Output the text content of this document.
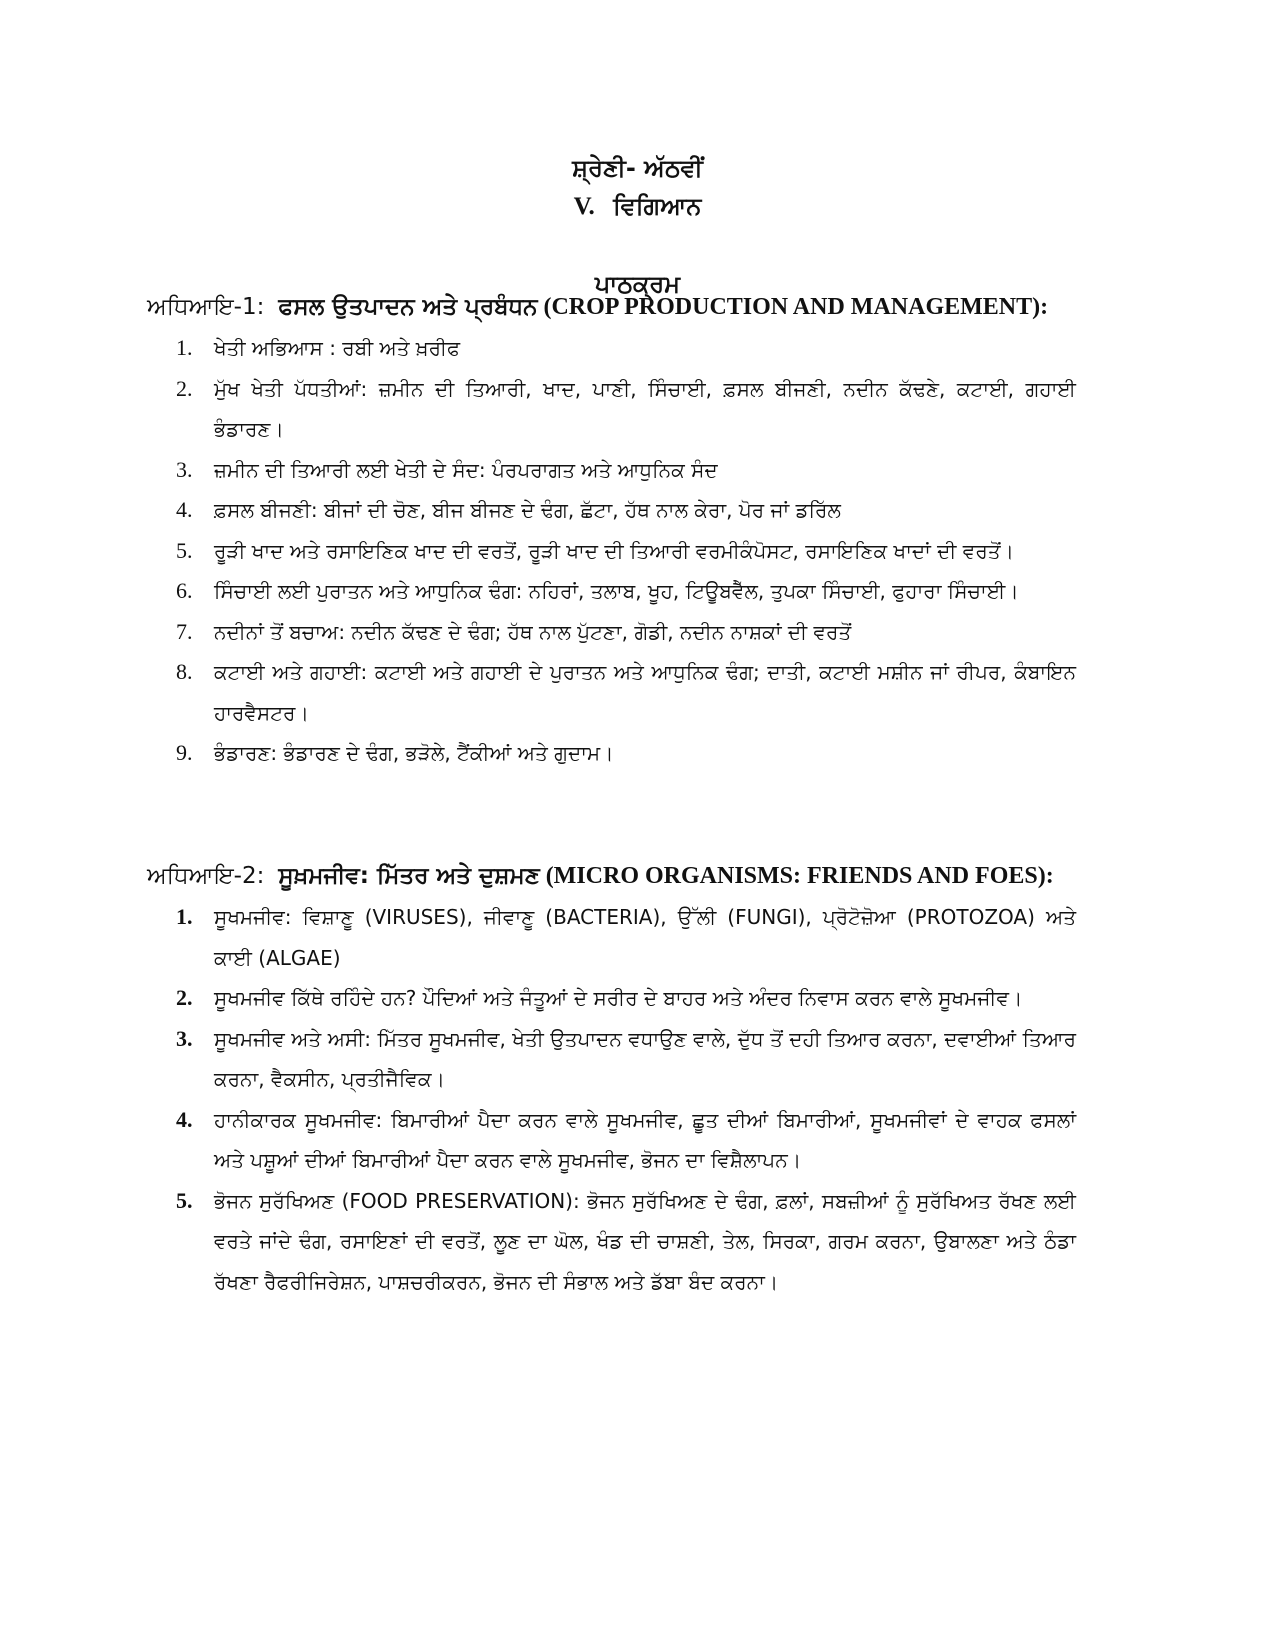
ਸ਼੍ਰੇਣੀ- ਅੱਠਵੀਂ
V. ਵਿਗਿਆਨ
ਪਾਠਕ੍ਰਮ
ਅਧਿਆਇ-1: ਫਸਲ ਉਤਪਾਦਨ ਅਤੇ ਪ੍ਰਬੰਧਨ (CROP PRODUCTION AND MANAGEMENT):
1.	ਖੇਤੀ ਅਭਿਆਸ : ਰਬੀ ਅਤੇ ਖ਼ਰੀਫ
2.	ਮੁੱਖ ਖੇਤੀ ਪੱਧਤੀਆਂ: ਜ਼ਮੀਨ ਦੀ ਤਿਆਰੀ, ਖਾਦ, ਪਾਣੀ, ਸਿੰਚਾਈ, ਫ਼ਸਲ ਬੀਜਣੀ, ਨਦੀਨ ਕੱਢਣੇ, ਕਟਾਈ, ਗਹਾਈ ਭੰਡਾਰਣ।
3.	ਜ਼ਮੀਨ ਦੀ ਤਿਆਰੀ ਲਈ ਖੇਤੀ ਦੇ ਸੰਦ: ਪੰਰਪਰਾਗਤ ਅਤੇ ਆਧੁਨਿਕ ਸੰਦ
4.	ਫ਼ਸਲ ਬੀਜਣੀ: ਬੀਜਾਂ ਦੀ ਚੋਣ, ਬੀਜ ਬੀਜਣ ਦੇ ਢੰਗ, ਛੱਟਾ, ਹੱਥ ਨਾਲ ਕੇਰਾ, ਪੋਰ ਜਾਂ ਡਰਿੱਲ
5.	ਰੂੜੀ ਖਾਦ ਅਤੇ ਰਸਾਇਣਿਕ ਖਾਦ ਦੀ ਵਰਤੋਂ, ਰੂੜੀ ਖਾਦ ਦੀ ਤਿਆਰੀ ਵਰਮੀਕੰਪੋਸਟ, ਰਸਾਇਣਿਕ ਖਾਦਾਂ ਦੀ ਵਰਤੋਂ।
6.	ਸਿੰਚਾਈ ਲਈ ਪੁਰਾਤਨ ਅਤੇ ਆਧੁਨਿਕ ਢੰਗ: ਨਹਿਰਾਂ, ਤਲਾਬ, ਖੂਹ, ਟਿਊਬਵੈੱਲ, ਤੁਪਕਾ ਸਿੰਚਾਈ, ਫੁਹਾਰਾ ਸਿੰਚਾਈ।
7.	ਨਦੀਨਾਂ ਤੋਂ ਬਚਾਅ: ਨਦੀਨ ਕੱਢਣ ਦੇ ਢੰਗ; ਹੱਥ ਨਾਲ ਪੁੱਟਣਾ, ਗੋਡੀ, ਨਦੀਨ ਨਾਸ਼ਕਾਂ ਦੀ ਵਰਤੋਂ
8.	ਕਟਾਈ ਅਤੇ ਗਹਾਈ: ਕਟਾਈ ਅਤੇ ਗਹਾਈ ਦੇ ਪੁਰਾਤਨ ਅਤੇ ਆਧੁਨਿਕ ਢੰਗ; ਦਾਤੀ, ਕਟਾਈ ਮਸ਼ੀਨ ਜਾਂ ਰੀਪਰ, ਕੰਬਾਇਨ ਹਾਰਵੈਸਟਰ।
9.	ਭੰਡਾਰਣ: ਭੰਡਾਰਣ ਦੇ ਢੰਗ, ਭੜੋਲੇ, ਟੈਂਕੀਆਂ ਅਤੇ ਗੁਦਾਮ।
ਅਧਿਆਇ-2: ਸੂਖ਼ਮਜੀਵ: ਮਿੱਤਰ ਅਤੇ ਦੁਸ਼ਮਣ (MICRO ORGANISMS: FRIENDS AND FOES):
1.	ਸੂਖਮਜੀਵ: ਵਿਸ਼ਾਣੂ (VIRUSES), ਜੀਵਾਣੂ (BACTERIA), ਉੱਲੀ (FUNGI), ਪ੍ਰੋਟੋਜ਼ੋਆ (PROTOZOA) ਅਤੇ ਕਾਈ (ALGAE)
2.	ਸੂਖਮਜੀਵ ਕਿੱਥੇ ਰਹਿੰਦੇ ਹਨ? ਪੌਦਿਆਂ ਅਤੇ ਜੰਤੂਆਂ ਦੇ ਸਰੀਰ ਦੇ ਬਾਹਰ ਅਤੇ ਅੰਦਰ ਨਿਵਾਸ ਕਰਨ ਵਾਲੇ ਸੂਖਮਜੀਵ।
3.	ਸੂਖਮਜੀਵ ਅਤੇ ਅਸੀ: ਮਿੱਤਰ ਸੂਖਮਜੀਵ, ਖੇਤੀ ਉਤਪਾਦਨ ਵਧਾਉਣ ਵਾਲੇ, ਦੁੱਧ ਤੋਂ ਦਹੀ ਤਿਆਰ ਕਰਨਾ, ਦਵਾਈਆਂ ਤਿਆਰ ਕਰਨਾ, ਵੈਕਸੀਨ, ਪ੍ਰਤੀਜੈਵਿਕ।
4.	ਹਾਨੀਕਾਰਕ ਸੂਖਮਜੀਵ: ਬਿਮਾਰੀਆਂ ਪੈਦਾ ਕਰਨ ਵਾਲੇ ਸੂਖਮਜੀਵ, ਛੂਤ ਦੀਆਂ ਬਿਮਾਰੀਆਂ, ਸੂਖਮਜੀਵਾਂ ਦੇ ਵਾਹਕ ਫਸਲਾਂ ਅਤੇ ਪਸ਼ੂਆਂ ਦੀਆਂ ਬਿਮਾਰੀਆਂ ਪੈਦਾ ਕਰਨ ਵਾਲੇ ਸੂਖਮਜੀਵ, ਭੋਜਨ ਦਾ ਵਿਸ਼ੈਲਾਪਨ।
5.	ਭੋਜਨ ਸੁਰੱਖਿਅਣ (FOOD PRESERVATION): ਭੋਜਨ ਸੁਰੱਖਿਅਣ ਦੇ ਢੰਗ, ਫ਼ਲਾਂ, ਸਬਜ਼ੀਆਂ ਨੂੰ ਸੁਰੱਖਿਅਤ ਰੱਖਣ ਲਈ ਵਰਤੇ ਜਾਂਦੇ ਢੰਗ, ਰਸਾਇਣਾਂ ਦੀ ਵਰਤੋਂ, ਲੂਣ ਦਾ ਘੋਲ, ਖੰਡ ਦੀ ਚਾਸ਼ਣੀ, ਤੇਲ, ਸਿਰਕਾ, ਗਰਮ ਕਰਨਾ, ਉਬਾਲਣਾ ਅਤੇ ਠੰਡਾ ਰੱਖਣਾ ਰੈਫਰੀਜਿਰੇਸ਼ਨ, ਪਾਸ਼ਚਰੀਕਰਨ, ਭੋਜਨ ਦੀ ਸੰਭਾਲ ਅਤੇ ਡੱਬਾ ਬੰਦ ਕਰਨਾ।
